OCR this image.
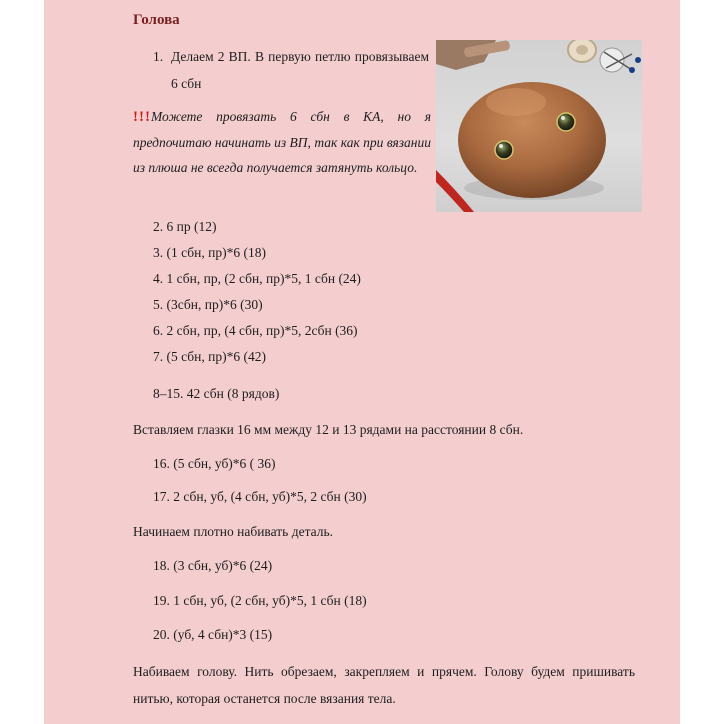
Голова
1. Делаем 2 ВП. В первую петлю провязываем 6 сбн
!!!Можете провязать 6 сбн в КА, но я предпочитаю начинать из ВП, так как при вязании из плюша не всегда получается затянуть кольцо.
2. 6 пр (12)
3. (1 сбн, пр)*6 (18)
4. 1 сбн, пр, (2 сбн, пр)*5, 1 сбн (24)
5. (3сбн, пр)*6 (30)
6. 2 сбн, пр, (4 сбн, пр)*5, 2сбн (36)
7. (5 сбн, пр)*6 (42)
8–15. 42 сбн (8 рядов)
Вставляем глазки 16 мм между 12 и 13 рядами на расстоянии 8 сбн.
16. (5 сбн, уб)*6 ( 36)
17. 2 сбн, уб, (4 сбн, уб)*5, 2 сбн (30)
Начинаем плотно набивать деталь.
18. (3 сбн, уб)*6 (24)
19. 1 сбн, уб, (2 сбн, уб)*5, 1 сбн (18)
20. (уб, 4 сбн)*3 (15)
Набиваем голову. Нить обрезаем, закрепляем и прячем. Голову будем пришивать нитью, которая останется после вязания тела.
